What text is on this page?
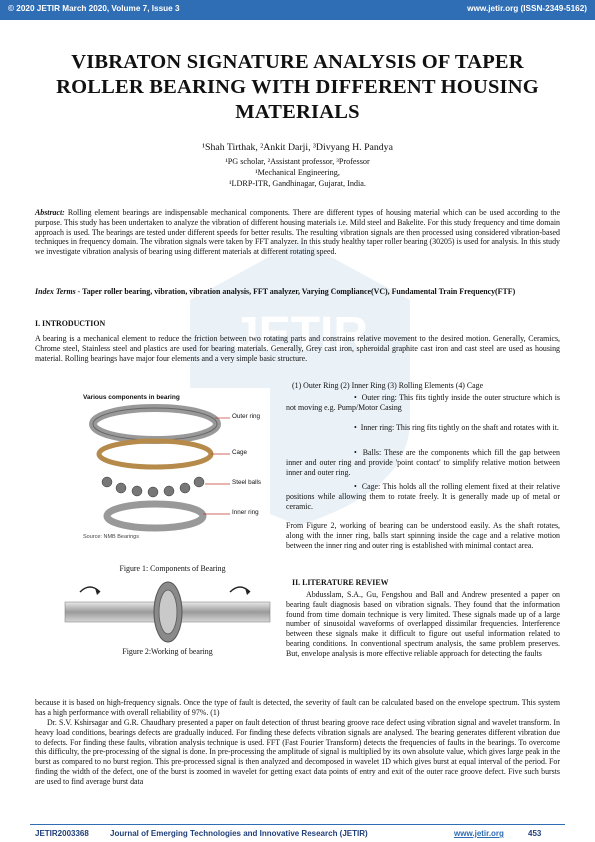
© 2020 JETIR March 2020, Volume 7, Issue 3	www.jetir.org (ISSN-2349-5162)
JETIR
VIBRATON SIGNATURE ANALYSIS OF TAPER ROLLER BEARING WITH DIFFERENT HOUSING MATERIALS
¹Shah Tirthak, ²Ankit Darji, ³Divyang H. Pandya
¹PG scholar, ²Assistant professor, ³Professor
¹Mechanical Engineering,
¹LDRP-ITR, Gandhinagar, Gujarat, India.

Abstract: Rolling element bearings are indispensable mechanical components. There are different types of housing material which can be used according to the purpose. This study has been undertaken to analyze the vibration of different housing materials i.e. Mild steel and Bakelite. For this study frequency and time domain approach is used. The bearings are tested under different speeds for better results. The resulting vibration signals are then processed using considered vibration-based techniques in frequency domain. The vibration signals were taken by FFT analyzer. In this study healthy taper roller bearing (30205) is used for analysis. In this study we investigate vibration analysis of bearing using different materials at different rotating speed.

Index Terms - Taper roller bearing, vibration, vibration analysis, FFT analyzer, Varying Compliance(VC), Fundamental Train Frequency(FTF)

I. INTRODUCTION

A bearing is a mechanical element to reduce the friction between two rotating parts and constrains relative movement to the desired motion. Generally, Ceramics, Chrome steel, Stainless steel and plastics are used for bearing materials. Generally, Grey cast iron, spheroidal graphite cast iron and cast steel are used as housing material. Rolling bearings have major four elements and a very simple basic structure.

Various components in bearing
Outer ring
Cage
Steel balls
Inner ring
Source: NMB Bearings
Figure 1: Components of Bearing
Figure 2:Working of bearing
(1) Outer Ring (2) Inner Ring (3) Rolling Elements (4) Cage
•  Outer ring: This fits tightly inside the outer structure which is not moving e.g. Pump/Motor Casing
•  Inner ring: This ring fits tightly on the shaft and rotates with it.
•  Balls: These are the components which fill the gap between inner and outer ring and provide 'point contact' to simplify relative motion between inner and outer ring.
•  Cage: This holds all the rolling element fixed at their relative positions while allowing them to rotate freely. It is generally made up of metal or ceramic.

From Figure 2, working of bearing can be understood easily. As the shaft rotates, along with the inner ring, balls start spinning inside the cage and a relative motion between the inner ring and outer ring is established with minimal contact area.

II. LITERATURE REVIEW

Abdusslam, S.A., Gu, Fengshou and Ball and Andrew presented a paper on bearing fault diagnosis based on vibration signals. They found that the information found from time domain technique is very limited. These signals made up of a large number of sinusoidal waveforms of overlapped dissimilar frequencies. Interference between these signals make it difficult to figure out useful information related to bearing conditions. In conventional spectrum analysis, the same problem preserves. But, envelope analysis is more effective reliable approach for detecting the faults

because it is based on high-frequency signals. Once the type of fault is detected, the severity of fault can be calculated based on the envelope spectrum. This system has a high performance with overall reliability of 97%. (1)

Dr. S.V. Kshirsagar and G.R. Chaudhary presented a paper on fault detection of thrust bearing groove race defect using vibration signal and wavelet transform. In heavy load conditions, bearings defects are gradually induced. For finding these defects vibration signals are analysed. The bearing generates different vibration due to defects. For finding these faults, vibration analysis technique is used. FFT (Fast Fourier Transform) detects the frequencies of faults in the bearings. To overcome this difficulty, the pre-processing of the signal is done. In pre-processing the amplitude of signal is multiplied by its own absolute value, which gives large peak in the burst as compared to no burst region. This pre-processed signal is then analyzed and decomposed in wavelet 1D which gives burst at equal interval of the period. For finding the width of the defect, one of the burst is zoomed in wavelet for getting exact data points of entry and exit of the outer race groove defect. Five such bursts are used to find average burst data

JETIR2003368	Journal of Emerging Technologies and Innovative Research (JETIR)	www.jetir.org	453
